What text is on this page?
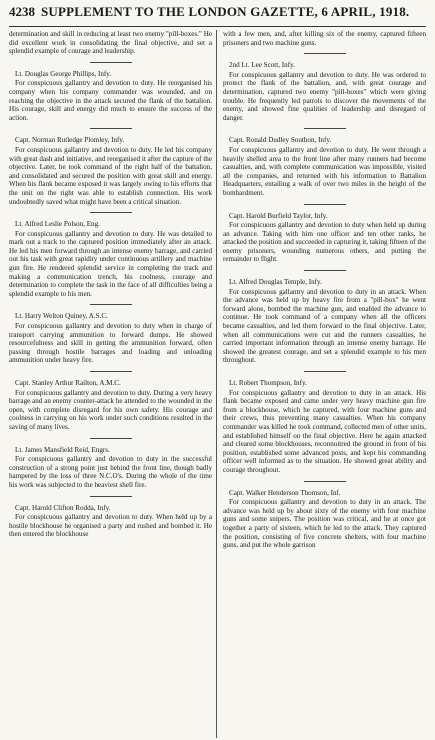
4238 SUPPLEMENT TO THE LONDON GAZETTE, 6 APRIL, 1918.

determination and skill in reducing at least two enemy "pill-boxes." He did excellent work in consolidating the final objective, and set a splendid example of courage and leadership.

Lt. Douglas George Phillips, Infy.

For conspicuous gallantry and devotion to duty. He reorganised his company when his company commander was wounded, and on reaching the objective in the attack secured the flank of the battalion. His courage, skill and energy did much to ensure the success of the action.

Capt. Norman Rutledge Plomley, Infy.

For conspicuous gallantry and devotion to duty. He led his company with great dash and initiative, and reorganised it after the capture of the objective. Later, he took command of the right half of the battalion, and consolidated and secured the position with great skill and energy. When his flank became exposed it was largely owing to his efforts that the unit on the right was able to establish connection. His work undoubtedly saved what might have been a critical situation.

Lt. Alfred Leslie Polson, Eng.

For conspicuous gallantry and devotion to duty. He was detailed to mark out a track to the captured position immediately after an attack. He led his men forward through an intense enemy barrage, and carried out his task with great rapidity under continuous artillery and machine gun fire. He rendered splendid service in completing the track and making a communication trench, his coolness, courage and determination to complete the task in the face of all difficulties being a splendid example to his men.

Lt. Harry Welton Quiney, A.S.C.

For conspicuous gallantry and devotion to duty when in charge of transport carrying ammunition to forward dumps. He showed resourcefulness and skill in getting the ammunition forward, often passing through hostile barrages and loading and unloading ammunition under heavy fire.

Capt. Stanley Arthur Railton, A.M.C.

For conspicuous gallantry and devotion to duty. During a very heavy barrage and an enemy counter-attack he attended to the wounded in the open, with complete disregard for his own safety. His courage and coolness in carrying on his work under such conditions resulted in the saving of many lives.

Lt. James Mansfield Reid, Engrs.

For conspicuous gallantry and devotion to duty in the successful construction of a strong point just behind the front line, though badly hampered by the loss of three N.C.O's. During the whole of the time his work was subjected to the heaviest shell fire.

Capt. Harold Clifton Rodda, Infy.

For conspicuous gallantry and devotion to duty. When held up by a hostile blockhouse he organised a party and rushed and bombed it. He then entered the blockhouse

with a few men, and, after killing six of the enemy, captured fifteen prisoners and two machine guns.

2nd Lt. Lee Scott, Infy.

For conspicuous gallantry and devotion to duty. He was ordered to protect the flank of the battalion, and, with great courage and determination, captured two enemy "pill-boxes" which were giving trouble. He frequently led patrols to discover the movements of the enemy, and showed fine qualities of leadership and disregard of danger.

Capt. Ronald Dudley Southon, Infy.

For conspicuous gallantry and devotion to duty. He went through a heavily shelled area to the front line after many runners had become casualties, and, with complete communication was impossible, visited all the companies, and returned with his information to Battalion Headquarters, entailing a walk of over two miles in the height of the bombardment.

Capt. Harold Burfield Taylor, Infy.

For conspicuous gallantry and devotion to duty when held up during an advance. Taking with him one officer and ten other ranks, he attacked the position and succeeded in capturing it, taking fifteen of the enemy prisoners, wounding numerous others, and putting the remainder to flight.

Lt. Alfred Douglas Temple, Infy.

For conspicuous gallantry and devotion to duty in an attack. When the advance was held up by heavy fire from a "pill-box" he went forward alone, bombed the machine gun, and enabled the advance to continue. He took command of a company when all the officers became casualties, and led them forward to the final objective. Later, when all communications were cut and the runners casualties, he carried important information through an intense enemy barrage. He showed the greatest courage, and set a splendid example to his men throughout.

Lt. Robert Thompson, Infy.

For conspicuous gallantry and devotion to duty in an attack. His flank became exposed and came under very heavy machine gun fire from a blockhouse, which he captured, with four machine guns and their crews, thus preventing many casualties. When his company commander was killed he took command, collected men of other units, and established himself on the final objective. Here he again attacked and cleared some blockhouses, reconnoitred the ground in front of his position, established some advanced posts, and kept his commanding officer well informed as to the situation. He showed great ability and courage throughout.

Capt. Walker Henderson Thomson, Inf.

For conspicuous gallantry and devotion to duty in an attack. The advance was held up by about sixty of the enemy with four machine guns and some snipers. The position was critical, and he at once got together a party of sixteen, which he led to the attack. They captured the position, consisting of five concrete shelters, with four machine guns, and put the whole garrison
